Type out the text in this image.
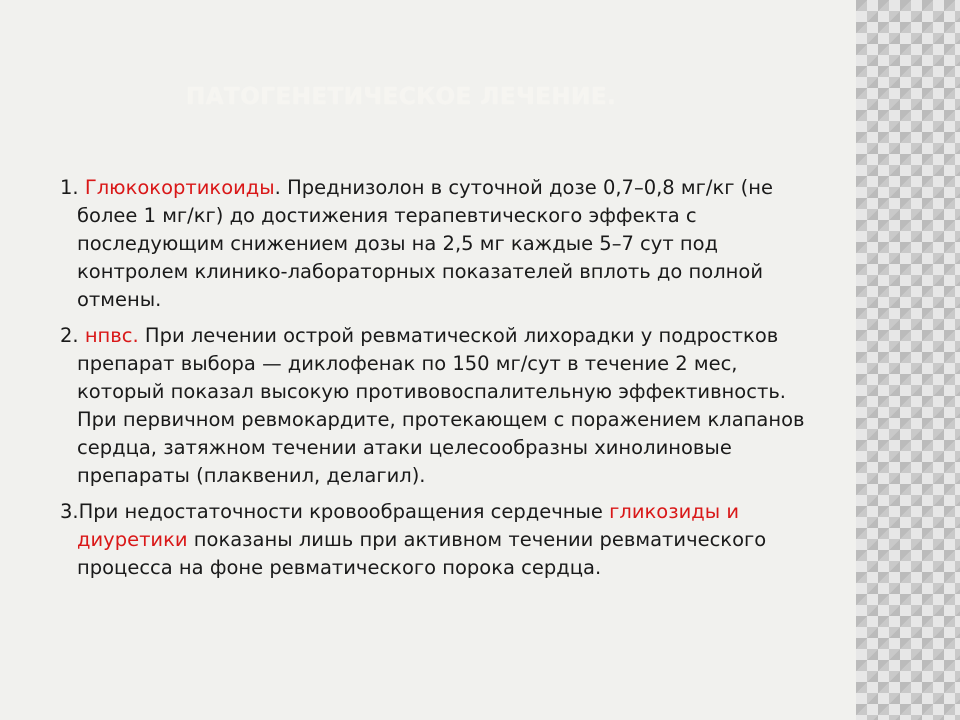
ПАТОГЕНЕТИЧЕСКОЕ ЛЕЧЕНИЕ.

1. Глюкокортикоиды. Преднизолон в суточной дозе 0,7–0,8 мг/кг (не более 1 мг/кг) до достижения терапевтического эффекта с последующим снижением дозы на 2,5 мг каждые 5–7 сут под контролем клинико-лабораторных показателей вплоть до полной отмены.

2. нпвс. При лечении острой ревматической лихорадки у подростков препарат выбора — диклофенак по 150 мг/сут в течение 2 мес, который показал высокую противовоспалительную эффективность. При первичном ревмокардите, протекающем с поражением клапанов сердца, затяжном течении атаки целесообразны хинолиновые препараты (плаквенил, делагил).

3.При недостаточности кровообращения сердечные гликозиды и диуретики показаны лишь при активном течении ревматического процесса на фоне ревматического порока сердца.
